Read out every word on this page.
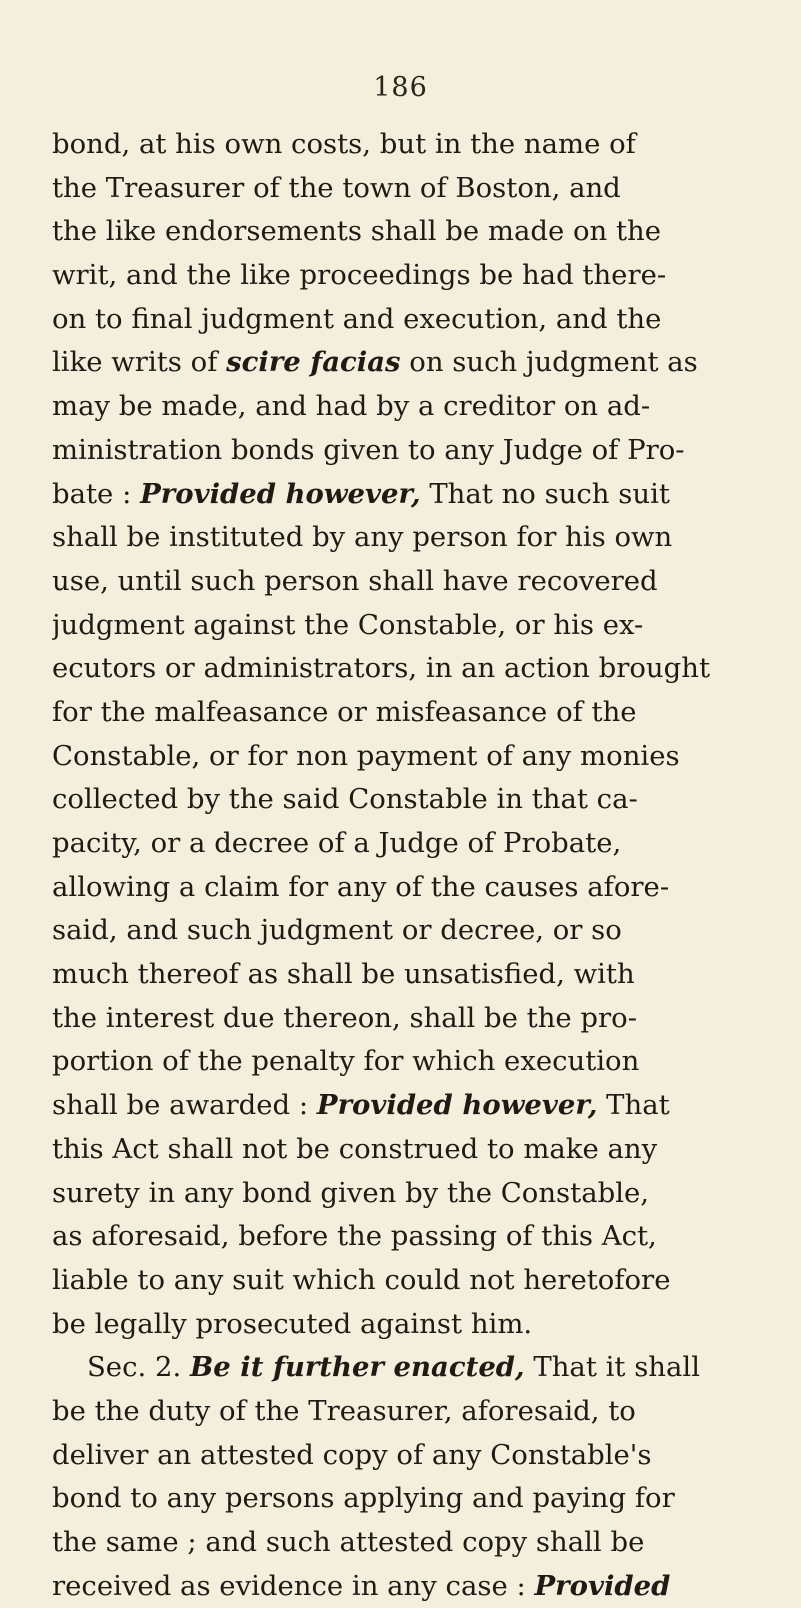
186
bond, at his own costs, but in the name of
the Treasurer of the town of Boston, and
the like endorsements shall be made on the
writ, and the like proceedings be had there-
on to final judgment and execution, and the
like writs of scire facias on such judgment as
may be made, and had by a creditor on ad-
ministration bonds given to any Judge of Pro-
bate : Provided however, That no such suit
shall be instituted by any person for his own
use, until such person shall have recovered
judgment against the Constable, or his ex-
ecutors or administrators, in an action brought
for the malfeasance or misfeasance of the
Constable, or for non payment of any monies
collected by the said Constable in that ca-
pacity, or a decree of a Judge of Probate,
allowing a claim for any of the causes afore-
said, and such judgment or decree, or so
much thereof as shall be unsatisfied, with
the interest due thereon, shall be the pro-
portion of the penalty for which execution
shall be awarded : Provided however, That
this Act shall not be construed to make any
surety in any bond given by the Constable,
as aforesaid, before the passing of this Act,
liable to any suit which could not heretofore
be legally prosecuted against him.
Sec. 2. Be it further enacted, That it shall
be the duty of the Treasurer, aforesaid, to
deliver an attested copy of any Constable's
bond to any persons applying and paying for
the same ; and such attested copy shall be
received as evidence in any case : Provided
